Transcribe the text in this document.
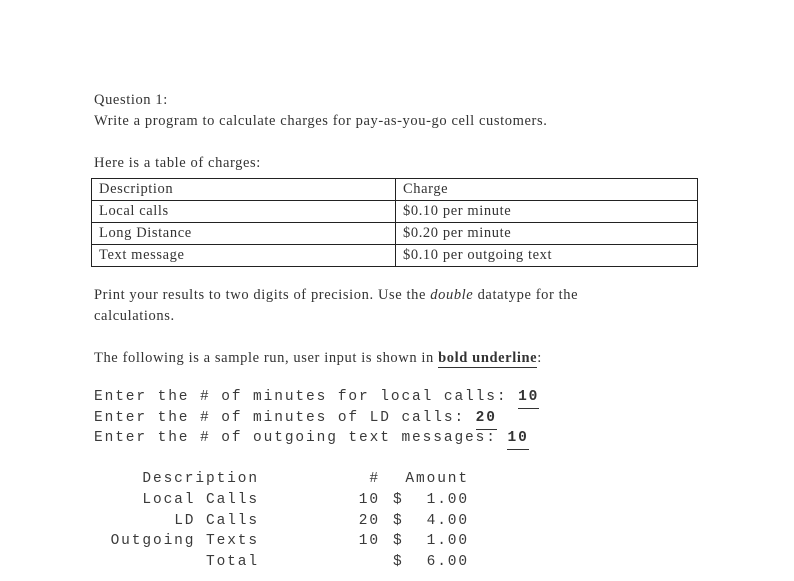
Question 1:
Write a program to calculate charges for pay-as-you-go cell customers.
Here is a table of charges:
Description	Charge
Local calls	$0.10 per minute
Long Distance	$0.20 per minute
Text message	$0.10 per outgoing text
Print your results to two digits of precision. Use the double datatype for the
calculations.
The following is a sample run, user input is shown in bold underline:
Enter the # of minutes for local calls: 10
Enter the # of minutes of LD calls: 20
Enter the # of outgoing text messages: 10
Description	# Amount
Local Calls	10 $ 1.00
LD Calls	20 $ 4.00
Outgoing Texts	10 $ 1.00
Total	$ 6.00
